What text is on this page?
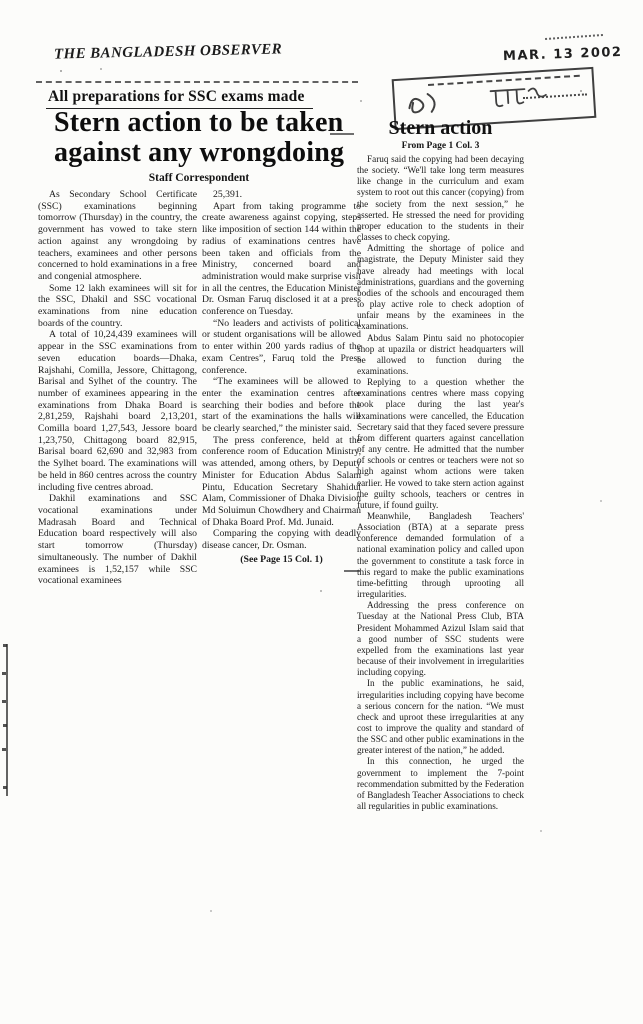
THE BANGLADESH OBSERVER	MAR. 13 2002
All preparations for SSC exams made
Stern action to be taken
against any wrongdoing
Staff Correspondent

As Secondary School Certificate (SSC) examinations beginning tomorrow (Thursday) in the country, the government has vowed to take stern action against any wrongdoing by teachers, examinees and other persons concerned to hold examinations in a free and congenial atmosphere.

Some 12 lakh examinees will sit for the SSC, Dhakil and SSC vocational examinations from nine education boards of the country.

A total of 10,24,439 examinees will appear in the SSC examinations from seven education boards—Dhaka, Rajshahi, Comilla, Jessore, Chittagong, Barisal and Sylhet of the country. The number of examinees appearing in the examinations from Dhaka Board is 2,81,259, Rajshahi board 2,13,201, Comilla board 1,27,543, Jessore board 1,23,750, Chittagong board 82,915, Barisal board 62,690 and 32,983 from the Sylhet board. The examinations will be held in 860 centres across the country including five centres abroad.

Dakhil examinations and SSC vocational examinations under Madrasah Board and Technical Education board respectively will also start tomorrow (Thursday) simultaneously. The number of Dakhil examinees is 1,52,157 while SSC vocational examinees

25,391.

Apart from taking programme to create awareness against copying, steps like imposition of section 144 within the radius of examinations centres have been taken and officials from the Ministry, concerned board and administration would make surprise visit in all the centres, the Education Minister Dr. Osman Faruq disclosed it at a press conference on Tuesday.

“No leaders and activists of political or student organisations will be allowed to enter within 200 yards radius of the exam Centres”, Faruq told the Press conference.

“The examinees will be allowed to enter the examination centres after searching their bodies and before the start of the examinations the halls will be clearly searched,” the minister said.

The press conference, held at the conference room of Education Ministry, was attended, among others, by Deputy Minister for Education Abdus Salam Pintu, Education Secretary Shahidul Alam, Commissioner of Dhaka Division Md Soluimun Chowdhery and Chairman of Dhaka Board Prof. Md. Junaid.

Comparing the copying with deadly disease cancer, Dr. Osman.

(See Page 15 Col. 1)

Stern action
From Page 1 Col. 3

Faruq said the copying had been decaying the society. “We'll take long term measures like change in the curriculum and exam system to root out this cancer (copying) from the society from the next session,” he asserted. He stressed the need for providing proper education to the students in their classes to check copying.

Admitting the shortage of police and magistrate, the Deputy Minister said they have already had meetings with local administrations, guardians and the governing bodies of the schools and encouraged them to play active role to check adoption of unfair means by the examinees in the examinations.

Abdus Salam Pintu said no photocopier shop at upazila or district headquarters will be allowed to function during the examinations.

Replying to a question whether the examinations centres where mass copying took place during the last year's examinations were cancelled, the Education Secretary said that they faced severe pressure from different quarters against cancellation of any centre. He admitted that the number of schools or centres or teachers were not so high against whom actions were taken earlier. He vowed to take stern action against the guilty schools, teachers or centres in future, if found guilty.

Meanwhile, Bangladesh Teachers' Association (BTA) at a separate press conference demanded formulation of a national examination policy and called upon the government to constitute a task force in this regard to make the public examinations time-befitting through uprooting all irregularities.

Addressing the press conference on Tuesday at the National Press Club, BTA President Mohammed Azizul Islam said that a good number of SSC students were expelled from the examinations last year because of their involvement in irregularities including copying.

In the public examinations, he said, irregularities including copying have become a serious concern for the nation. “We must check and uproot these irregularities at any cost to improve the quality and standard of the SSC and other public examinations in the greater interest of the nation,” he added.

In this connection, he urged the government to implement the 7-point recommendation submitted by the Federation of Bangladesh Teacher Associations to check all regularities in public examinations.
